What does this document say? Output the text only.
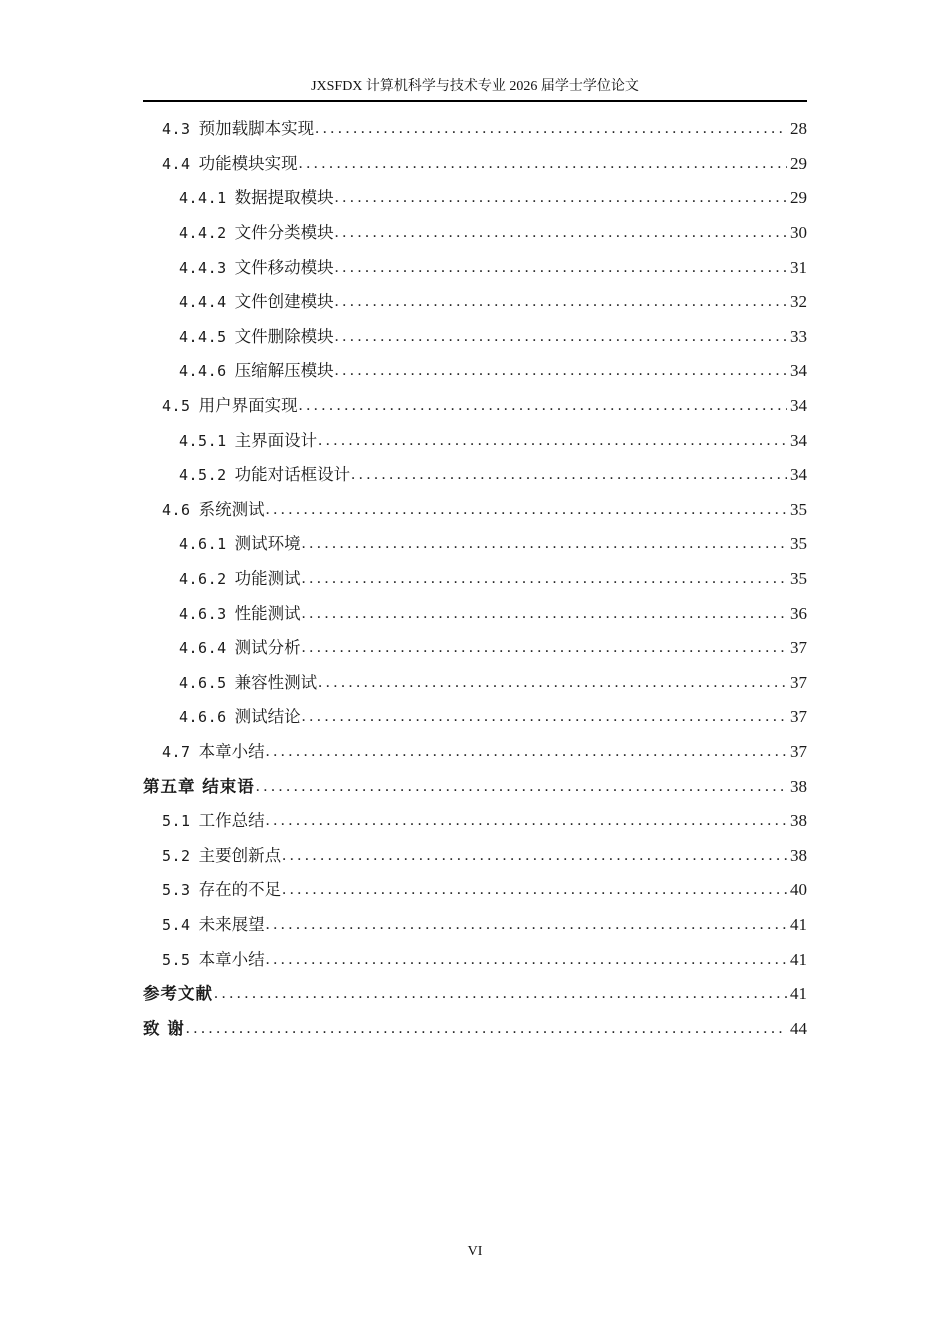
JXSFDX 计算机科学与技术专业 2026 届学士学位论文
4.3 预加载脚本实现 .....	28
4.4 功能模块实现 .....	29
4.4.1 数据提取模块 .....	29
4.4.2 文件分类模块 .....	30
4.4.3 文件移动模块 .....	31
4.4.4 文件创建模块 .....	32
4.4.5 文件删除模块 .....	33
4.4.6 压缩解压模块 .....	34
4.5 用户界面实现 .....	34
4.5.1 主界面设计 .....	34
4.5.2 功能对话框设计 .....	34
4.6 系统测试 .....	35
4.6.1 测试环境 .....	35
4.6.2 功能测试 .....	35
4.6.3 性能测试 .....	36
4.6.4 测试分析 .....	37
4.6.5 兼容性测试 .....	37
4.6.6 测试结论 .....	37
4.7 本章小结 .....	37
第五章 结束语 .....	38
5.1 工作总结 .....	38
5.2 主要创新点 .....	38
5.3 存在的不足 .....	40
5.4 未来展望 .....	41
5.5 本章小结 .....	41
参考文献 .....	41
致 谢 .....	44
VI
